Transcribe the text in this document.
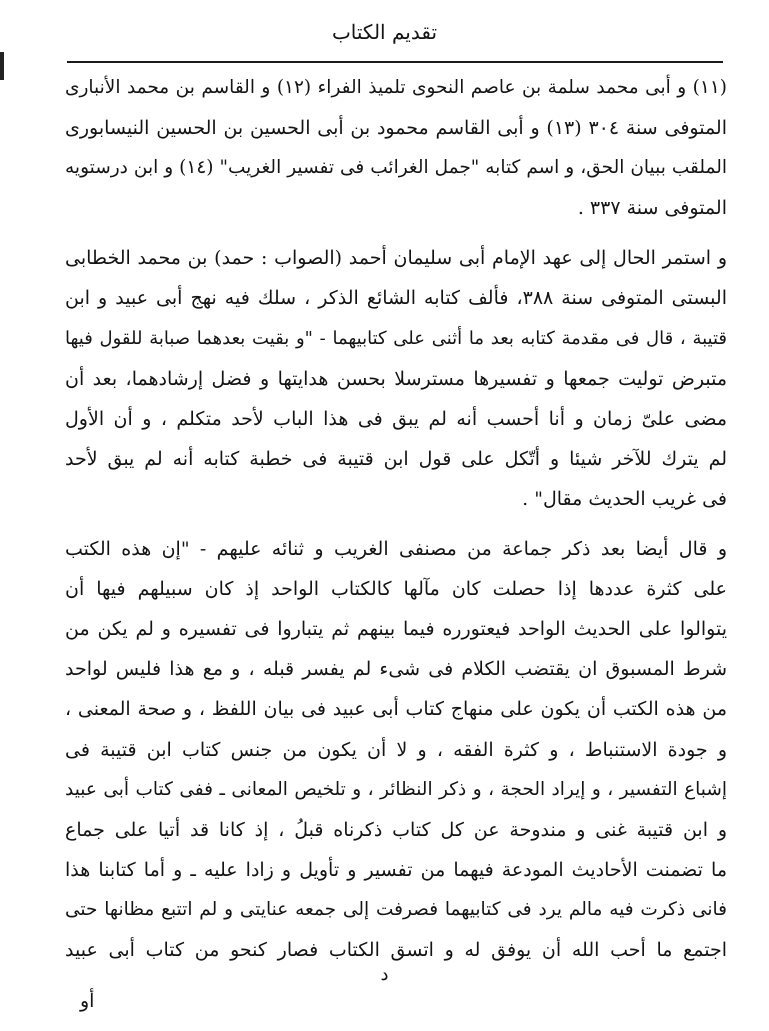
تقديم الكتاب
(١١) و أبى محمد سلمة بن عاصم النحوى تلميذ الفراء (١٢) و القاسم بن محمد الأنبارى
المتوفى سنة ٣٠٤ (١٣) و أبى القاسم محمود بن أبى الحسين بن الحسين النيسابورى
الملقب ببيان الحق، و اسم كتابه "جمل الغرائب فى تفسير الغريب" (١٤) و ابن درستويه
المتوفى سنة ٣٣٧ .
و استمر الحال إلى عهد الإمام أبى سليمان أحمد (الصواب : حمد) بن محمد الخطابى
البستى المتوفى سنة ٣٨٨، فألف كتابه الشائع الذكر ، سلك فيه نهج أبى عبيد و ابن
قتيبة ، قال فى مقدمة كتابه بعد ما أثنى على كتابيهما - "و بقيت بعدهما صبابة للقول فيها
متبرض توليت جمعها و تفسيرها مسترسلا بحسن هدايتها و فضل إرشادهما، بعد أن
مضى علىّ زمان و أنا أحسب أنه لم يبق فى هذا الباب لأحد متكلم ، و أن الأول
لم يترك للآخر شيئا و أتّكل على قول ابن قتيبة فى خطبة كتابه أنه لم يبق لأحد
فى غريب الحديث مقال" .
و قال أيضا بعد ذكر جماعة من مصنفى الغريب و ثنائه عليهم - "إن هذه الكتب
على كثرة عددها إذا حصلت كان مآلها كالكتاب الواحد إذ كان سبيلهم فيها أن
يتوالوا على الحديث الواحد فيعتورره فيما بينهم ثم يتباروا فى تفسيره و لم يكن من
شرط المسبوق ان يقتضب الكلام فى شىء لم يفسر قبله ، و مع هذا فليس لواحد
من هذه الكتب أن يكون على منهاج كتاب أبى عبيد فى بيان اللفظ ، و صحة المعنى ،
و جودة الاستنباط ، و كثرة الفقه ، و لا أن يكون من جنس كتاب ابن قتيبة فى
إشباع التفسير ، و إيراد الحجة ، و ذكر النظائر ، و تلخيص المعانى ـ ففى كتاب أبى عبيد
و ابن قتيبة غنى و مندوحة عن كل كتاب ذكرناه قبلُ ، إذ كانا قد أتيا على جماع
ما تضمنت الأحاديث المودعة فيهما من تفسير و تأويل و زادا عليه ـ و أما كتابنا هذا
فانى ذكرت فيه مالم يرد فى كتابيهما فصرفت إلى جمعه عنايتى و لم اتتبع مظانها حتى
اجتمع ما أحب الله أن يوفق له و اتسق الكتاب فصار كنحو من كتاب أبى عبيد
د
أو
